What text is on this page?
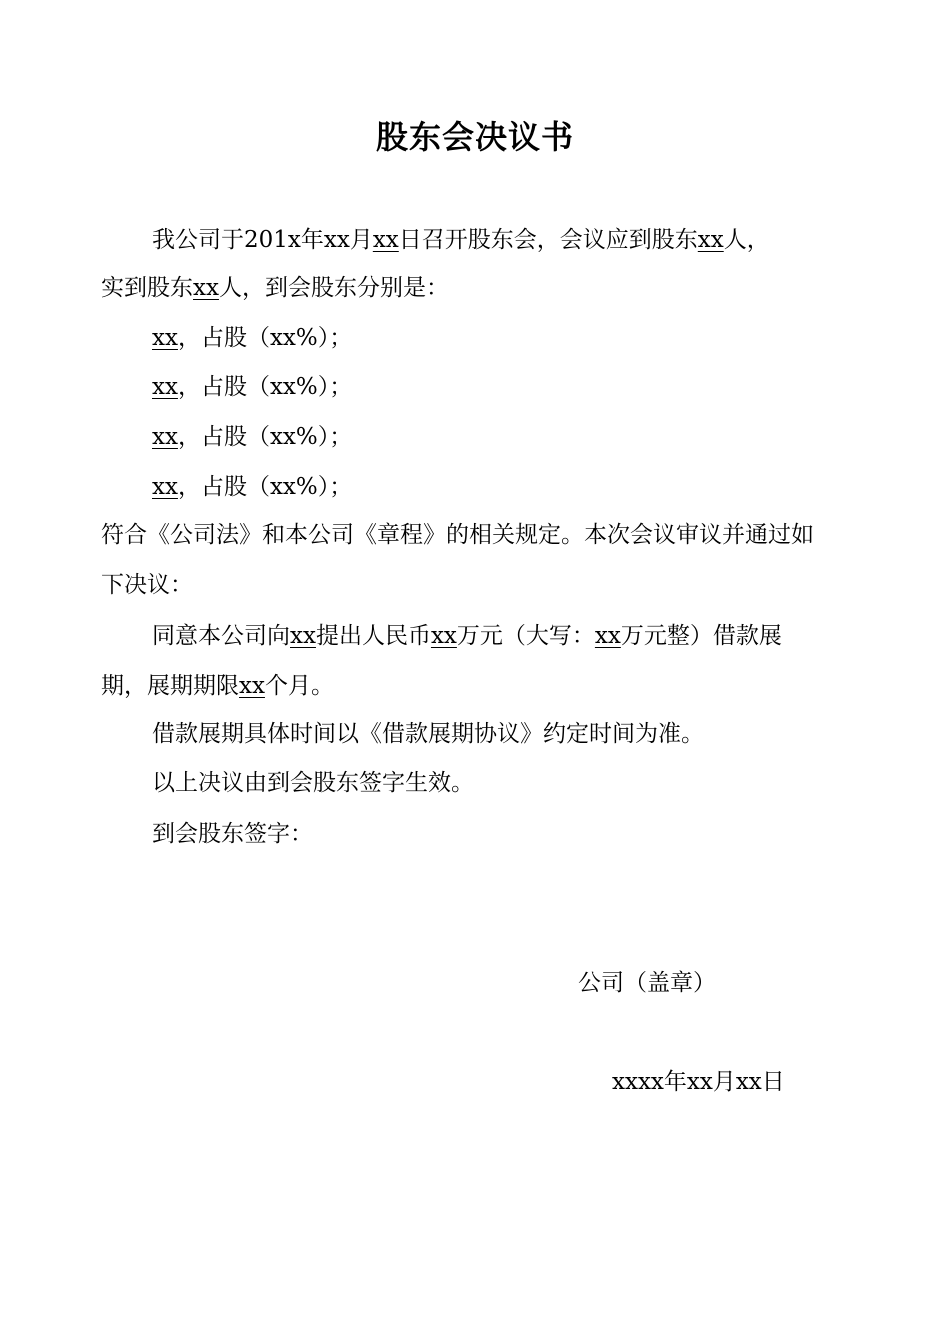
股东会决议书
我公司于201x年xx月xx日召开股东会，会议应到股东xx人，
实到股东xx人，到会股东分别是：
xx，占股（xx%）；
xx，占股（xx%）；
xx，占股（xx%）；
xx，占股（xx%）；
符合《公司法》和本公司《章程》的相关规定。本次会议审议并通过如
下决议：
同意本公司向xx提出人民币xx万元（大写：xx万元整）借款展
期，展期期限xx个月。
借款展期具体时间以《借款展期协议》约定时间为准。
以上决议由到会股东签字生效。
到会股东签字：
公司（盖章）
xxxx年xx月xx日
